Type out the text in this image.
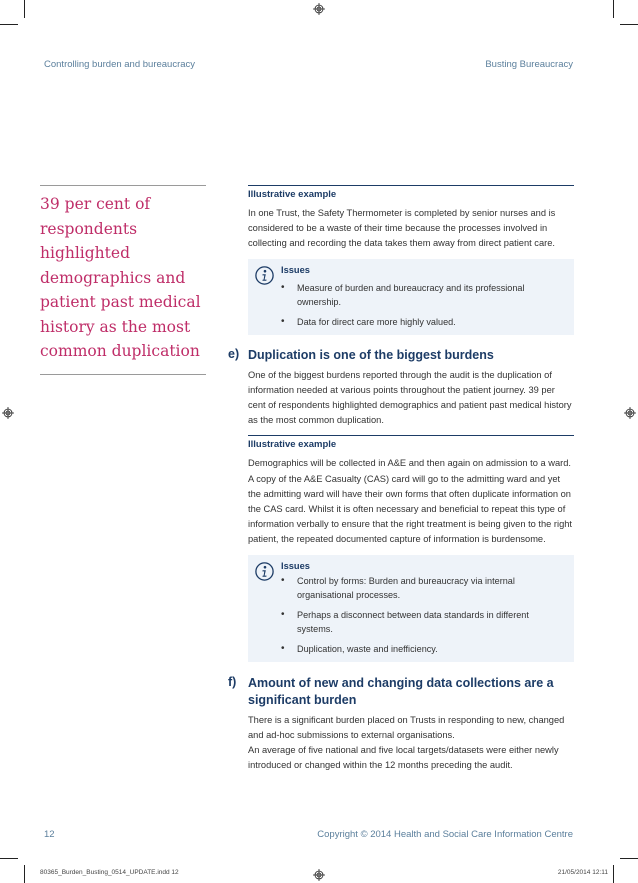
Controlling burden and bureaucracy	Busting Bureaucracy

39 per cent of respondents highlighted demographics and patient past medical history as the most common duplication

Illustrative example

In one Trust, the Safety Thermometer is completed by senior nurses and is considered to be a waste of their time because the processes involved in collecting and recording the data takes them away from direct patient care.

Issues

• Measure of burden and bureaucracy and its professional ownership.
• Data for direct care more highly valued.
e) Duplication is one of the biggest burdens

One of the biggest burdens reported through the audit is the duplication of information needed at various points throughout the patient journey. 39 per cent of respondents highlighted demographics and patient past medical history as the most common duplication.

Illustrative example

Demographics will be collected in A&E and then again on admission to a ward. A copy of the A&E Casualty (CAS) card will go to the admitting ward and yet the admitting ward will have their own forms that often duplicate information on the CAS card. Whilst it is often necessary and beneficial to repeat this type of information verbally to ensure that the right treatment is being given to the right patient, the repeated documented capture of information is burdensome.

Issues

• Control by forms: Burden and bureaucracy via internal organisational processes.
• Perhaps a disconnect between data standards in different systems.
• Duplication, waste and inefficiency.
f) Amount of new and changing data collections are a significant burden

There is a significant burden placed on Trusts in responding to new, changed and ad-hoc submissions to external organisations.

An average of five national and five local targets/datasets were either newly introduced or changed within the 12 months preceding the audit.

12	Copyright © 2014 Health and Social Care Information Centre
80365_Burden_Busting_0514_UPDATE.indd 12	21/05/2014 12:11
